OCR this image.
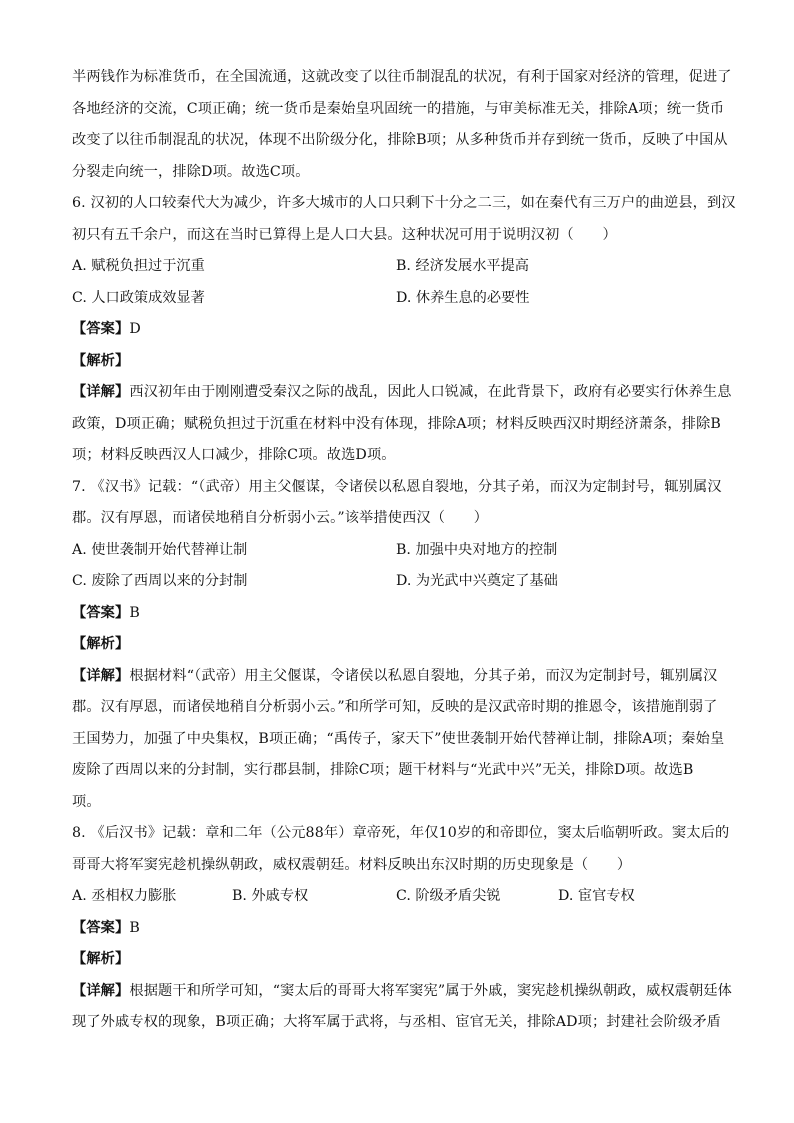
半两钱作为标准货币，在全国流通，这就改变了以往币制混乱的状况，有利于国家对经济的管理，促进了
各地经济的交流，C项正确；统一货币是秦始皇巩固统一的措施，与审美标准无关，排除A项；统一货币
改变了以往币制混乱的状况，体现不出阶级分化，排除B项；从多种货币并存到统一货币，反映了中国从
分裂走向统一，排除D项。故选C项。
6. 汉初的人口较秦代大为减少，许多大城市的人口只剩下十分之二三，如在秦代有三万户的曲逆县，到汉
初只有五千余户，而这在当时已算得上是人口大县。这种状况可用于说明汉初（　　）
A. 赋税负担过于沉重	B. 经济发展水平提高
C. 人口政策成效显著	D. 休养生息的必要性
【答案】D
【解析】
【详解】西汉初年由于刚刚遭受秦汉之际的战乱，因此人口锐减，在此背景下，政府有必要实行休养生息
政策，D项正确；赋税负担过于沉重在材料中没有体现，排除A项；材料反映西汉时期经济萧条，排除B
项；材料反映西汉人口减少，排除C项。故选D项。
7. 《汉书》记载：“（武帝）用主父偃谋，令诸侯以私恩自裂地，分其子弟，而汉为定制封号，辄别属汉
郡。汉有厚恩，而诸侯地稍自分析弱小云。”该举措使西汉（　　）
A. 使世袭制开始代替禅让制	B. 加强中央对地方的控制
C. 废除了西周以来的分封制	D. 为光武中兴奠定了基础
【答案】B
【解析】
【详解】根据材料“（武帝）用主父偃谋，令诸侯以私恩自裂地，分其子弟，而汉为定制封号，辄别属汉
郡。汉有厚恩，而诸侯地稍自分析弱小云。”和所学可知，反映的是汉武帝时期的推恩令，该措施削弱了
王国势力，加强了中央集权，B项正确；“禹传子，家天下”使世袭制开始代替禅让制，排除A项；秦始皇
废除了西周以来的分封制，实行郡县制，排除C项；题干材料与“光武中兴”无关，排除D项。故选B
项。
8. 《后汉书》记载：章和二年（公元88年）章帝死，年仅10岁的和帝即位，窦太后临朝听政。窦太后的
哥哥大将军窦宪趁机操纵朝政，威权震朝廷。材料反映出东汉时期的历史现象是（　　）
A. 丞相权力膨胀	B. 外戚专权	C. 阶级矛盾尖锐	D. 宦官专权
【答案】B
【解析】
【详解】根据题干和所学可知，“窦太后的哥哥大将军窦宪”属于外戚，窦宪趁机操纵朝政，威权震朝廷体
现了外戚专权的现象，B项正确；大将军属于武将，与丞相、宦官无关，排除AD项；封建社会阶级矛盾
